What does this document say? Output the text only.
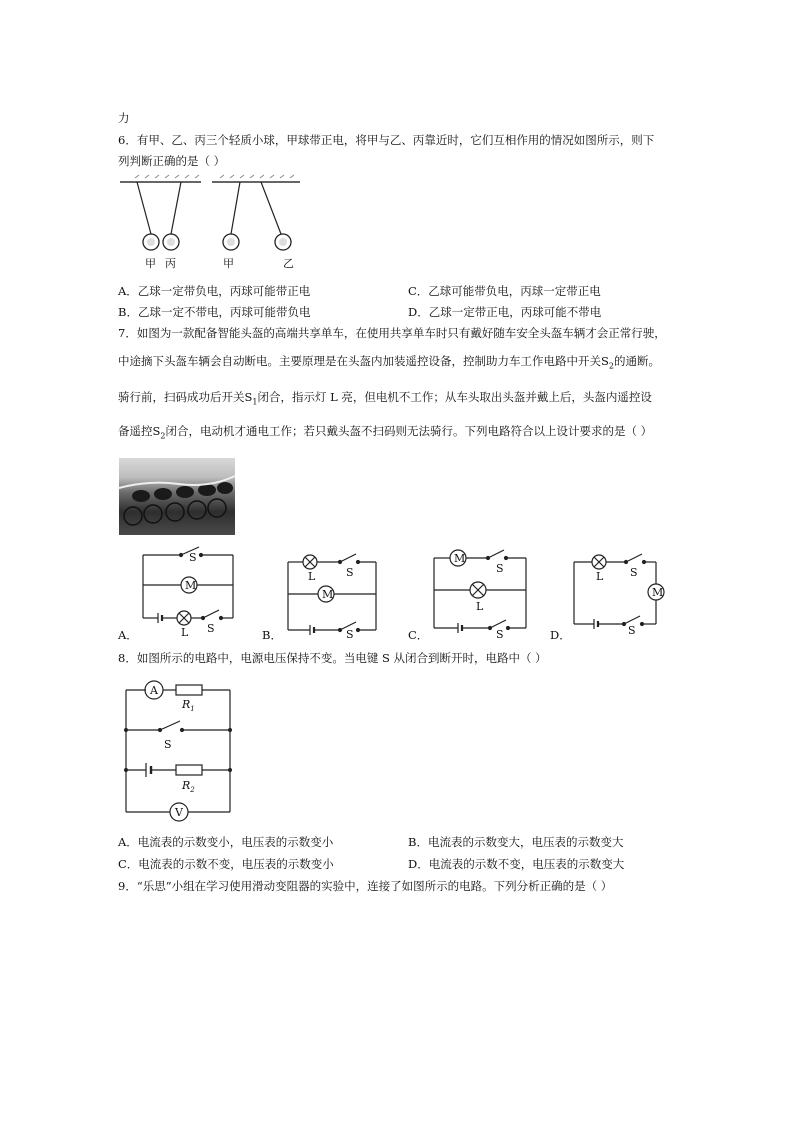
力
6．有甲、乙、丙三个轻质小球，甲球带正电，将甲与乙、丙靠近时，它们互相作用的情况如图所示，则下
列判断正确的是（ ）
甲 丙	甲	乙
A．乙球一定带负电，丙球可能带正电	C．乙球可能带负电，丙球一定带正电
B．乙球一定不带电，丙球可能带负电	D．乙球一定带正电，丙球可能不带电
7．如图为一款配备智能头盔的高端共享单车，在使用共享单车时只有戴好随车安全头盔车辆才会正常行驶，
中途摘下头盔车辆会自动断电。主要原理是在头盔内加装遥控设备，控制助力车工作电路中开关$S_2$的通断。
骑行前，扫码成功后开关$S_1$闭合，指示灯 L 亮，但电机不工作；从车头取出头盔并戴上后，头盔内遥控设
备遥控$S_2$闭合，电动机才通电工作；若只戴头盔不扫码则无法骑行。下列电路符合以上设计要求的是（ ）
M
S
L S
A．
M
L	S
S
B．
M
L
S
S
C．
M
L S
S
D．
8．如图所示的电路中，电源电压保持不变。当电键 S 从闭合到断开时，电路中（ ）
A
V
$R_1$
S
$R_2$
A．电流表的示数变小，电压表的示数变小	B．电流表的示数变大，电压表的示数变大
C．电流表的示数不变，电压表的示数变小	D．电流表的示数不变，电压表的示数变大
9．“乐思”小组在学习使用滑动变阻器的实验中，连接了如图所示的电路。下列分析正确的是（ ）
